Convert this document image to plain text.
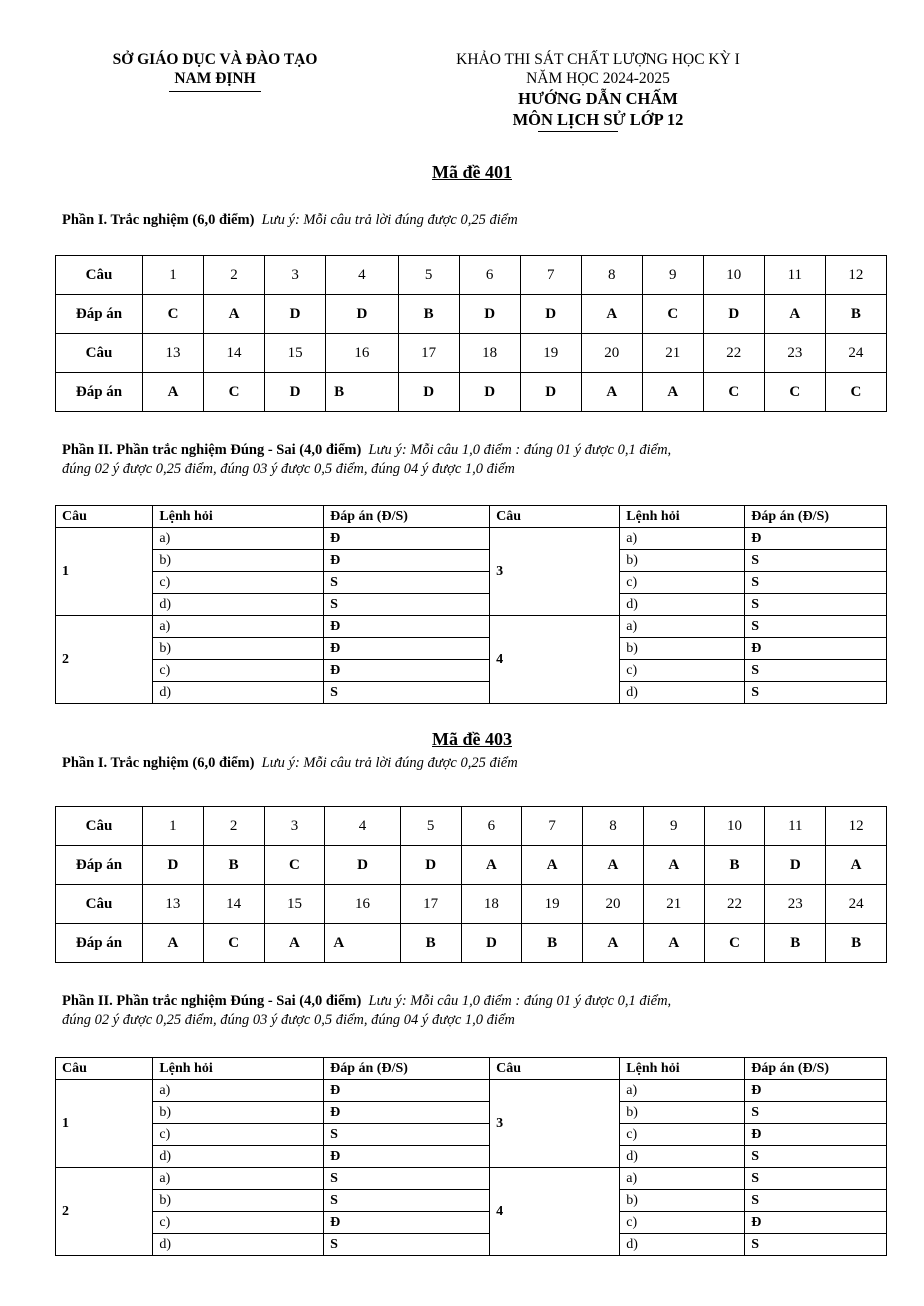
SỞ GIÁO DỤC VÀ ĐÀO TẠO
NAM ĐỊNH
KHẢO THI SÁT CHẤT LƯỢNG HỌC KỲ I
NĂM HỌC 2024-2025
HƯỚNG DẪN CHẤM
MÔN LỊCH SỬ LỚP 12
Mã đề 401
Phần I. Trắc nghiệm (6,0 điểm) Lưu ý: Mỗi câu trả lời đúng được 0,25 điểm
Câu	1	2	3	4	5	6	7	8	9	10	11	12
Đáp án	C	A	D	D	B	D	D	A	C	D	A	B
Câu	13	14	15	16	17	18	19	20	21	22	23	24
Đáp án	A	C	D	B	D	D	D	A	A	C	C	C
Phần II. Phần trắc nghiệm Đúng - Sai (4,0 điểm) Lưu ý: Mỗi câu 1,0 điểm : đúng 01 ý được 0,1 điểm,
đúng 02 ý được 0,25 điểm, đúng 03 ý được 0,5 điểm, đúng 04 ý được 1,0 điểm
Câu	Lệnh hỏi	Đáp án (Đ/S)	Câu	Lệnh hỏi	Đáp án (Đ/S)
1	a)	Đ	3	a)	Đ
	b)	Đ		b)	S
	c)	S		c)	S
	d)	S		d)	S
2	a)	Đ	4	a)	S
	b)	Đ		b)	Đ
	c)	Đ		c)	S
	d)	S		d)	S
Mã đề 403
Phần I. Trắc nghiệm (6,0 điểm) Lưu ý: Mỗi câu trả lời đúng được 0,25 điểm
Câu	1	2	3	4	5	6	7	8	9	10	11	12
Đáp án	D	B	C	D	D	A	A	A	A	B	D	A
Câu	13	14	15	16	17	18	19	20	21	22	23	24
Đáp án	A	C	A	A	B	D	B	A	A	C	B	B
Phần II. Phần trắc nghiệm Đúng - Sai (4,0 điểm) Lưu ý: Mỗi câu 1,0 điểm : đúng 01 ý được 0,1 điểm,
đúng 02 ý được 0,25 điểm, đúng 03 ý được 0,5 điểm, đúng 04 ý được 1,0 điểm
Câu	Lệnh hỏi	Đáp án (Đ/S)	Câu	Lệnh hỏi	Đáp án (Đ/S)
1	a)	Đ	3	a)	Đ
	b)	Đ		b)	S
	c)	S		c)	Đ
	d)	Đ		d)	S
2	a)	S	4	a)	S
	b)	S		b)	S
	c)	Đ		c)	Đ
	d)	S		d)	S
